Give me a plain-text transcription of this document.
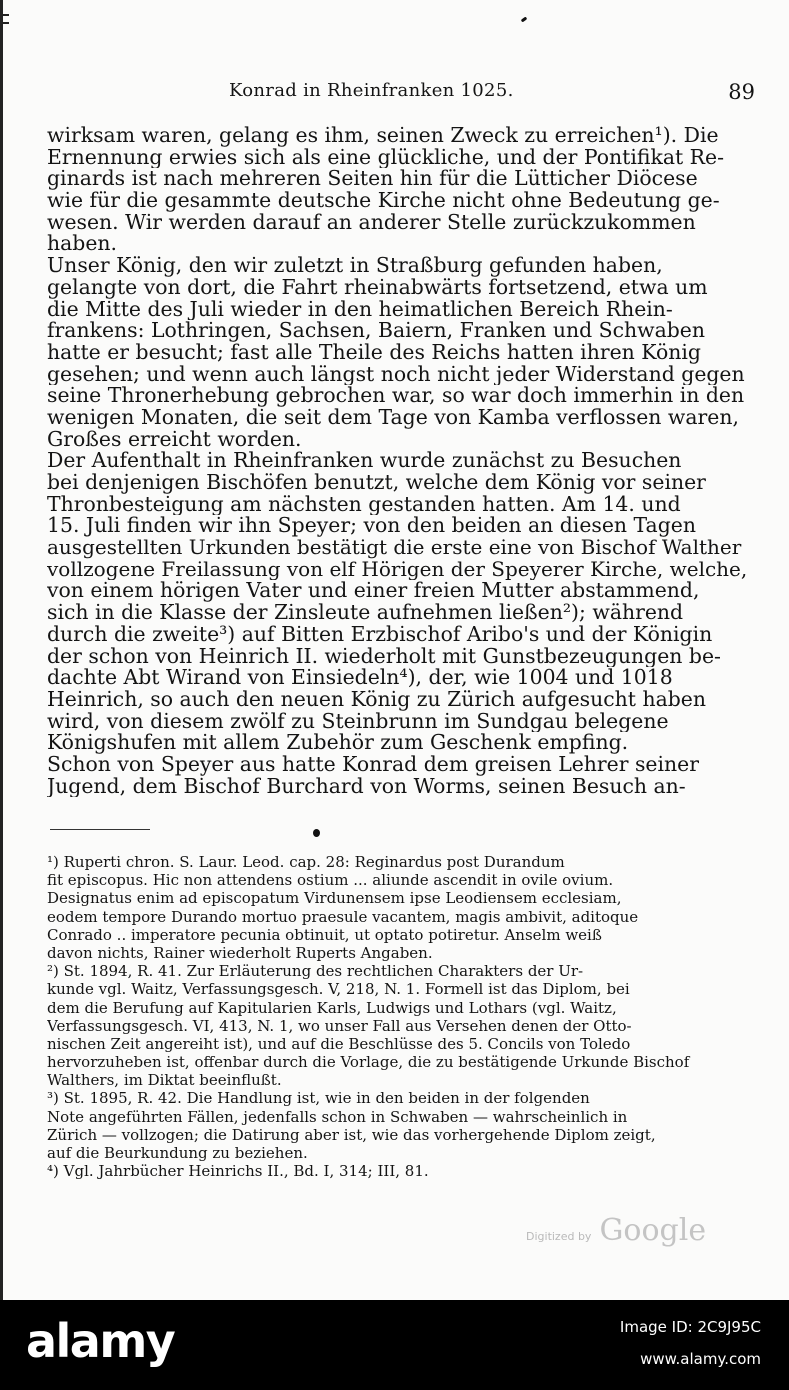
Konrad in Rheinfranken 1025.	89
wirksam waren, gelang es ihm, seinen Zweck zu erreichen¹). Die
Ernennung erwies sich als eine glückliche, und der Pontifikat Re-
ginards ist nach mehreren Seiten hin für die Lütticher Diöcese
wie für die gesammte deutsche Kirche nicht ohne Bedeutung ge-
wesen. Wir werden darauf an anderer Stelle zurückzukommen
haben.
Unser König, den wir zuletzt in Straßburg gefunden haben,
gelangte von dort, die Fahrt rheinabwärts fortsetzend, etwa um
die Mitte des Juli wieder in den heimatlichen Bereich Rhein-
frankens: Lothringen, Sachsen, Baiern, Franken und Schwaben
hatte er besucht; fast alle Theile des Reichs hatten ihren König
gesehen; und wenn auch längst noch nicht jeder Widerstand gegen
seine Thronerhebung gebrochen war, so war doch immerhin in den
wenigen Monaten, die seit dem Tage von Kamba verflossen waren,
Großes erreicht worden.
Der Aufenthalt in Rheinfranken wurde zunächst zu Besuchen
bei denjenigen Bischöfen benutzt, welche dem König vor seiner
Thronbesteigung am nächsten gestanden hatten. Am 14. und
15. Juli finden wir ihn Speyer; von den beiden an diesen Tagen
ausgestellten Urkunden bestätigt die erste eine von Bischof Walther
vollzogene Freilassung von elf Hörigen der Speyerer Kirche, welche,
von einem hörigen Vater und einer freien Mutter abstammend,
sich in die Klasse der Zinsleute aufnehmen ließen²); während
durch die zweite³) auf Bitten Erzbischof Aribo's und der Königin
der schon von Heinrich II. wiederholt mit Gunstbezeugungen be-
dachte Abt Wirand von Einsiedeln⁴), der, wie 1004 und 1018
Heinrich, so auch den neuen König zu Zürich aufgesucht haben
wird, von diesem zwölf zu Steinbrunn im Sundgau belegene
Königshufen mit allem Zubehör zum Geschenk empfing.
Schon von Speyer aus hatte Konrad dem greisen Lehrer seiner
Jugend, dem Bischof Burchard von Worms, seinen Besuch an-
¹) Ruperti chron. S. Laur. Leod. cap. 28: Reginardus post Durandum
fit episcopus. Hic non attendens ostium ... aliunde ascendit in ovile ovium.
Designatus enim ad episcopatum Virdunensem ipse Leodiensem ecclesiam,
eodem tempore Durando mortuo praesule vacantem, magis ambivit, aditoque
Conrado .. imperatore pecunia obtinuit, ut optato potiretur. Anselm weiß
davon nichts, Rainer wiederholt Ruperts Angaben.
²) St. 1894, R. 41. Zur Erläuterung des rechtlichen Charakters der Ur-
kunde vgl. Waitz, Verfassungsgesch. V, 218, N. 1. Formell ist das Diplom, bei
dem die Berufung auf Kapitularien Karls, Ludwigs und Lothars (vgl. Waitz,
Verfassungsgesch. VI, 413, N. 1, wo unser Fall aus Versehen denen der Otto-
nischen Zeit angereiht ist), und auf die Beschlüsse des 5. Concils von Toledo
hervorzuheben ist, offenbar durch die Vorlage, die zu bestätigende Urkunde Bischof
Walthers, im Diktat beeinflußt.
³) St. 1895, R. 42. Die Handlung ist, wie in den beiden in der folgenden
Note angeführten Fällen, jedenfalls schon in Schwaben — wahrscheinlich in
Zürich — vollzogen; die Datirung aber ist, wie das vorhergehende Diplom zeigt,
auf die Beurkundung zu beziehen.
⁴) Vgl. Jahrbücher Heinrichs II., Bd. I, 314; III, 81.
Digitized by Google
alamy	Image ID: 2C9J95C
www.alamy.com
